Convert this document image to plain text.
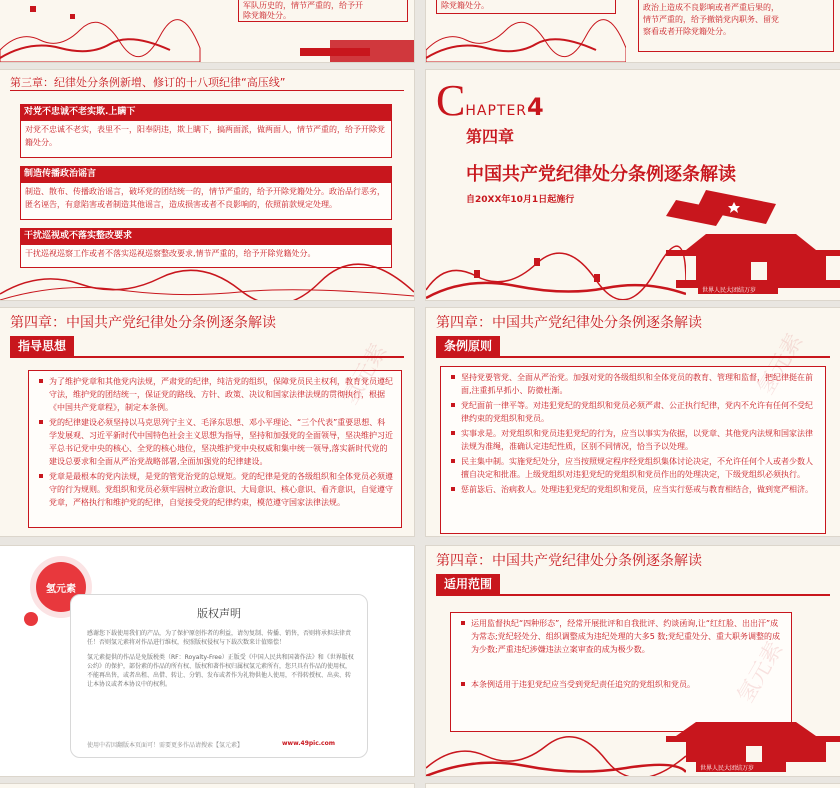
军队历史的，情节严重的，给予开
除党籍处分。
除党籍处分。	政治上造成不良影响或者严重后果的，
情节严重的，给予撤销党内职务、留党
察看或者开除党籍处分。
第三章：纪律处分条例新增、修订的十八项纪律“高压线”
对党不忠诚不老实欺.上瞒下
对党不忠诚不老实，表里不一，阳奉阴违，欺上瞒下，搞两面派，做两面人，情节严重的，给予开除党籍处分。
制造传播政治谣言
制造、散布、传播政治谣言，破坏党的团结统一的，情节严重的，给予开除党籍处分。政治品行恶劣，匿名诬告，有意陷害或者制造其他谣言，造成损害或者不良影响的，依照前款规定处理。
干扰巡视或不落实整改要求
干扰巡视巡察工作或者不落实巡视巡察整改要求,情节严重的，给予开除党籍处分。
CHAPTER4
第四章
中国共产党纪律处分条例逐条解读
自20XX年10月1日起施行
世界人民大团结万岁
第四章：中国共产党纪律处分条例逐条解读
指导思想
为了维护党章和其他党内法规，严肃党的纪律，纯洁党的组织，保障党员民主权利，教育党员遵纪守法，维护党的团结统一，保证党的路线、方针、政策、决议和国家法律法规的贯彻执行，根据《中国共产党章程》，制定本条例。
党的纪律建设必须坚持以马克思列宁主义、毛泽东思想、邓小平理论、“三个代表”重要思想、科学发展观、习近平新时代中国特色社会主义思想为指导，坚持和加强党的全面领导，坚决维护习近平总书记党中央的核心、全党的核心地位，坚决维护党中央权威和集中统一领导,落实新时代党的建设总要求和全面从严治党战略部署,全面加强党的纪律建设。
党章是最根本的党内法规，是党的管党治党的总规矩。党的纪律是党的各级组织和全体党员必须遵守的行为规则。党组织和党员必须牢固树立政治意识、大局意识、核心意识、看齐意识，自觉遵守党章，严格执行和维护党的纪律，自觉接受党的纪律约束，模范遵守国家法律法规。
氢元素
第四章：中国共产党纪律处分条例逐条解读
条例原则
坚持党要管党、全面从严治党。加强对党的各级组织和全体党员的教育、管理和监督，把纪律挺在前面,注重抓早抓小、防微杜渐。
党纪面前一律平等。对违犯党纪的党组织和党员必须严肃、公正执行纪律，党内不允许有任何不受纪律约束的党组织和党员。
实事求是。对党组织和党员违犯党纪的行为，应当以事实为依据，以党章、其他党内法规和国家法律法规为准绳，准确认定违纪性质，区别不同情况，恰当予以处理。
民主集中制。实施党纪处分，应当按照规定程序经党组织集体讨论决定，不允许任何个人或者少数人擅自决定和批准。上级党组织对违犯党纪的党组织和党员作出的处理决定，下级党组织必须执行。
惩前毖后、治病救人。处理违犯党纪的党组织和党员，应当实行惩戒与教育相结合，做到宽严相济。
氢元素
氢元素
版权声明
感谢您下载使用我们的产品，为了保护原创作者的利益，请勿复制、传播、销售，否则将承担法律责任！否则氢元素将对作品进行维权，按照版权侵权与下载次数来计值赔偿！
氢元素提供的作品是免版税类（RF：Royalty-Free）正版受《中国人民共和国著作法》和《世界版权公约》的保护，部份素的作品的所有权、版权和著作权归属权氢元素所有，您只具有作品的使用权，不能再出售，或者出租、出借、转让、分销、发布或者作为礼物供他人使用，不得转授权、出卖、转让本协议或者本协议中的权利。
使用中若因翻版本页面可！需要更多作品请搜索【氢元素】	www.49pic.com
第四章：中国共产党纪律处分条例逐条解读
适用范围
运用监督执纪“四种形态”，经常开展批评和自我批评、约谈函询,让“红红脸、出出汗”成为常态;党纪轻处分、组织调整成为违纪处理的大多5 数;党纪重处分、重大职务调整的成为少数;严重违纪涉嫌违法立案审查的成为极少数。
本条例适用于违犯党纪应当受到党纪责任追究的党组织和党员。
世界人民大团结万岁
氢元素
